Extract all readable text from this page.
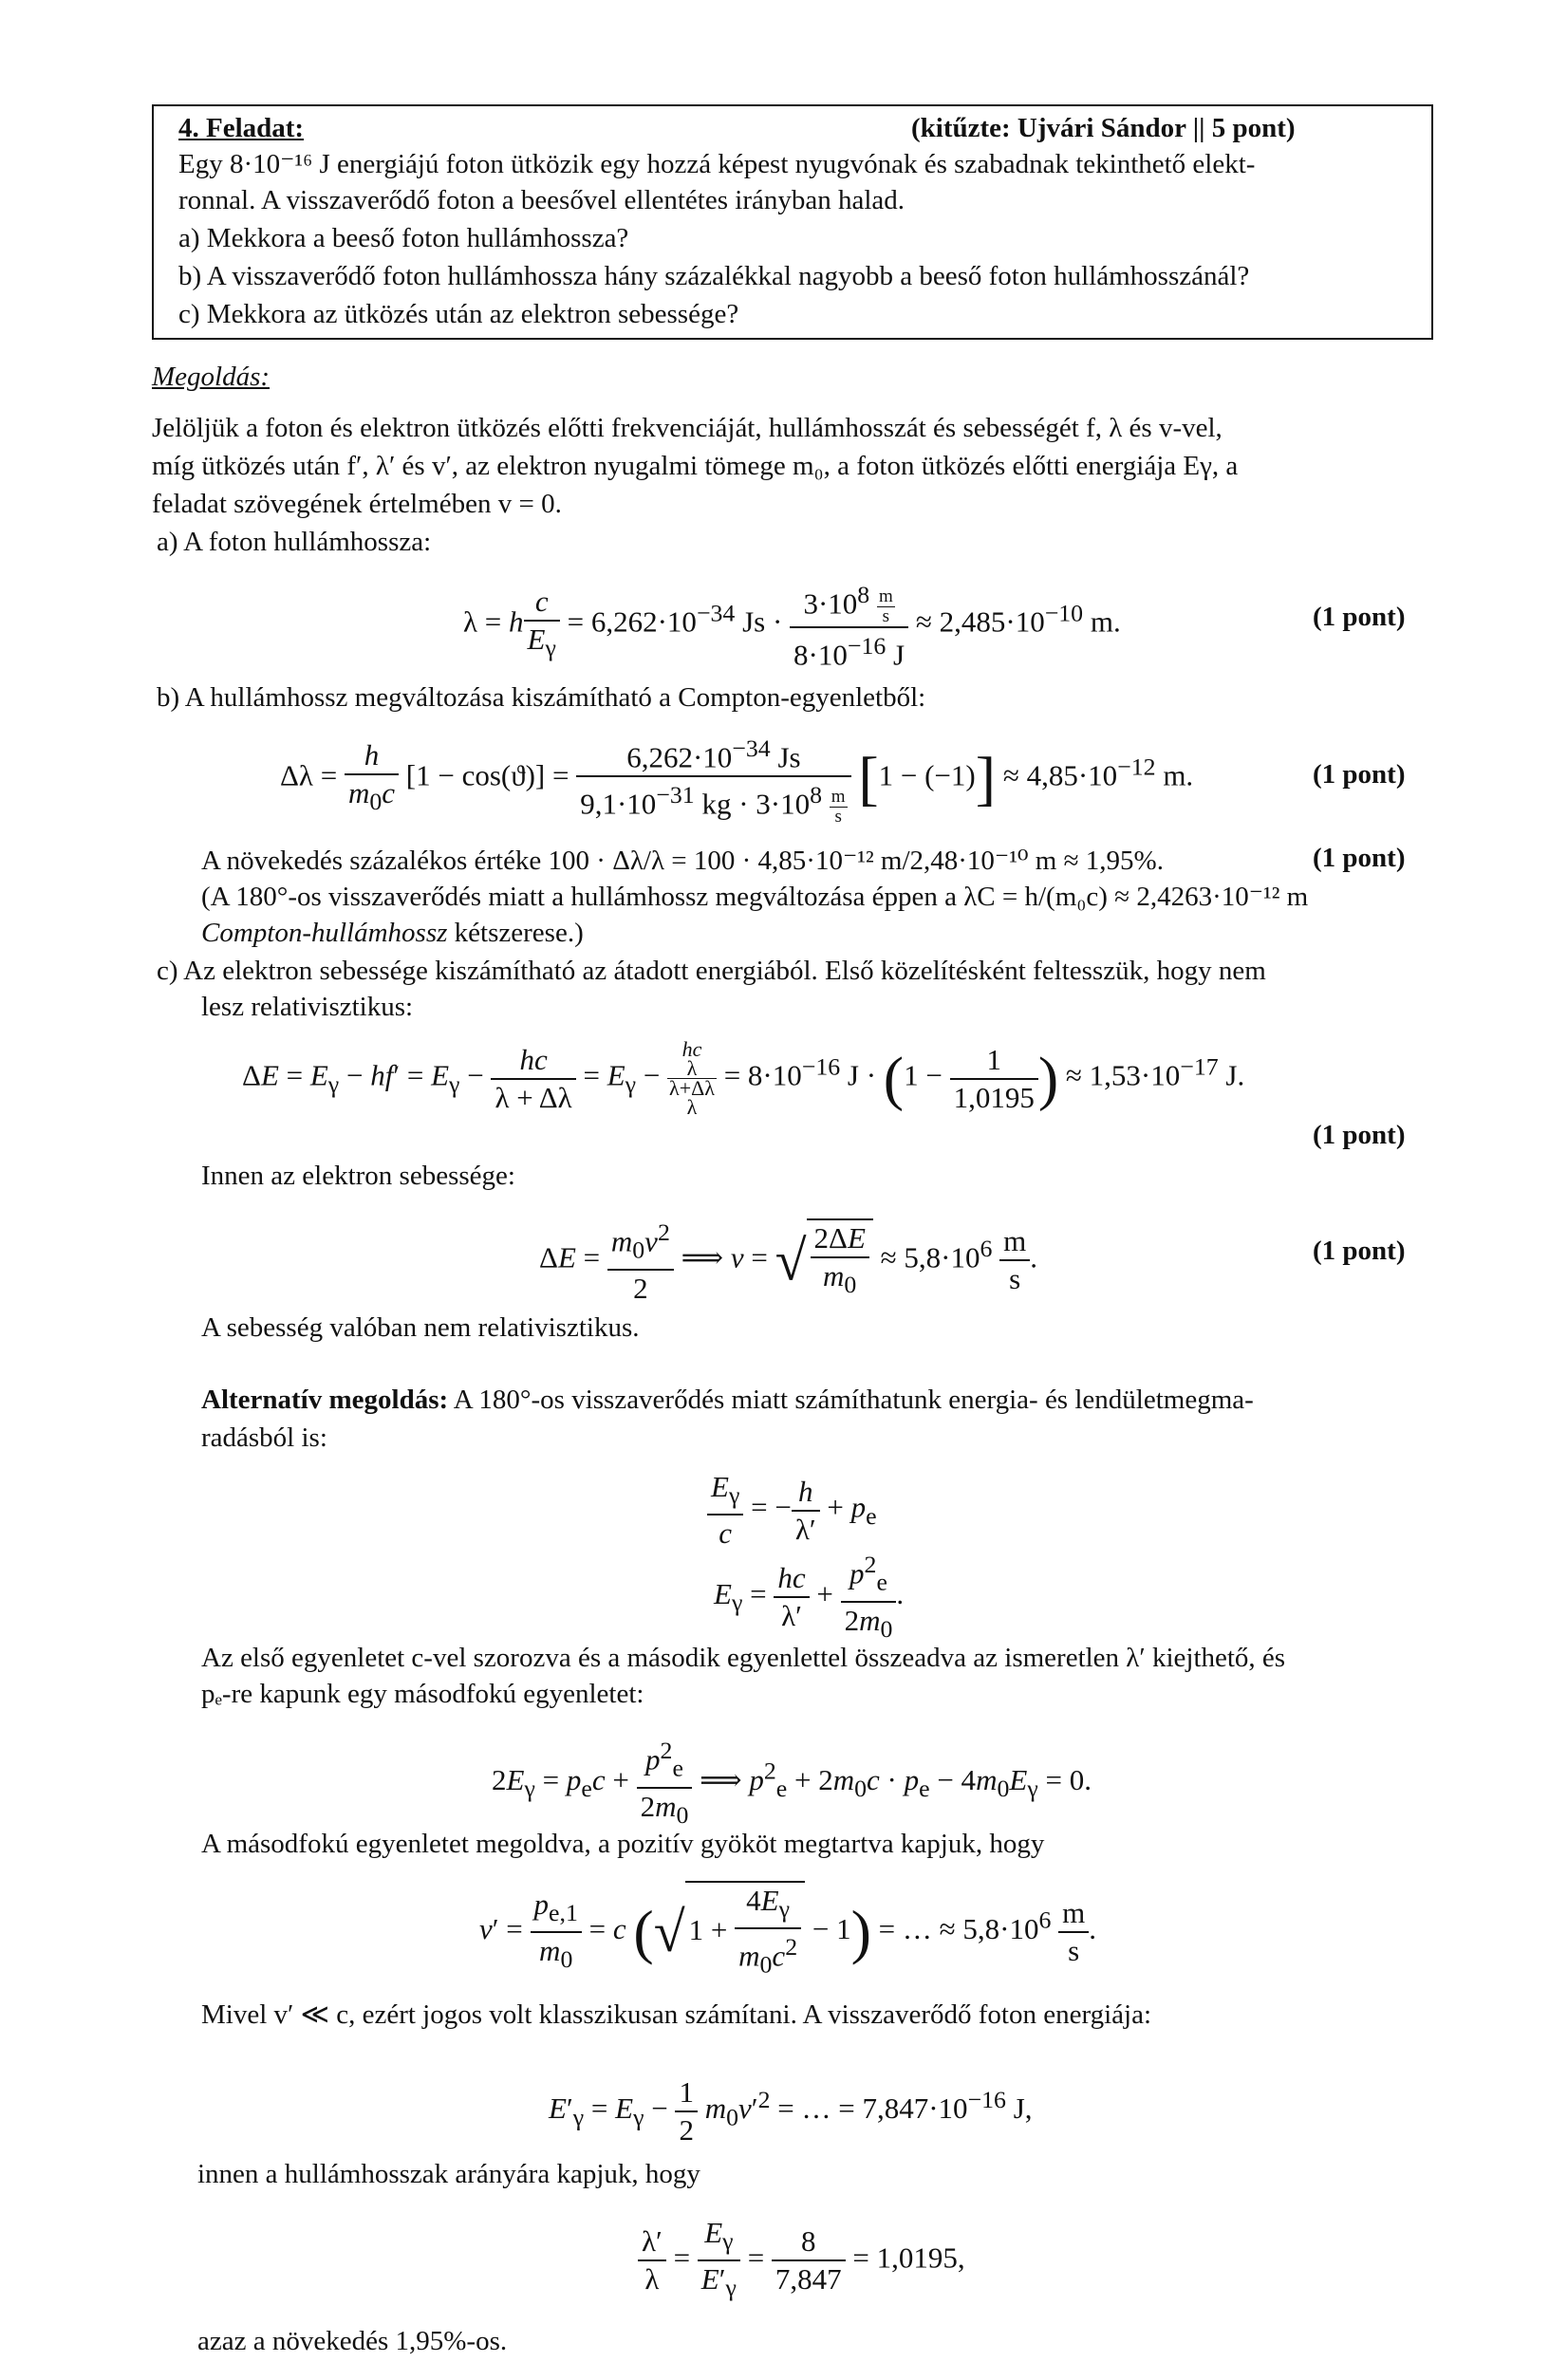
4. Feladat:	(kitűzte: Ujvári Sándor || 5 pont)
Egy 8·10⁻¹⁶ J energiájú foton ütközik egy hozzá képest nyugvónak és szabadnak tekinthető elekt-
ronnal. A visszaverődő foton a beesővel ellentétes irányban halad.
a) Mekkora a beeső foton hullámhossza?
b) A visszaverődő foton hullámhossza hány százalékkal nagyobb a beeső foton hullámhosszánál?
c) Mekkora az ütközés után az elektron sebessége?
Megoldás:
Jelöljük a foton és elektron ütközés előtti frekvenciáját, hullámhosszát és sebességét f, λ és v-vel,
míg ütközés után f′, λ′ és v′, az elektron nyugalmi tömege m₀, a foton ütközés előtti energiája Eγ, a
feladat szövegének értelmében v = 0.
a) A foton hullámhossza:
λ = h $\frac{c}{E_\gamma} = 6,262\cdot 10^{-34}$ $Js \cdot \frac{3\cdot 10^8 \frac{m}{s}}{8\cdot 10^{-16} J} \approx 2,485\cdot 10^{-10}$ m.	(1 pont)
b) A hullámhossz megváltozása kiszámítható a Compton-egyenletből:
$\Delta\lambda = \frac{h}{m_0c} [1 - \cos(ϑ)] = \frac{6,262\cdot 10^{-34} Js}{9,1\cdot 10^{-31} kg \cdot 3\cdot 10^8 \frac{m}{s}} [1 - (-1)] \approx 4,85\cdot 10^{-12}$ m.	(1 pont)
A növekedés százalékos értéke 100 · Δλ/λ = 100 · 4,85·10⁻¹² m/2,48·10⁻¹⁰ m ≈ 1,95%.	(1 pont)
(A 180°-os visszaverődés miatt a hullámhossz megváltozása éppen a λC = h/(m₀c) ≈ 2,4263·10⁻¹² m
Compton-hullámhossz kétszerese.)
c) Az elektron sebessége kiszámítható az átadott energiából. Első közelítésként feltesszük, hogy nem
lesz relativisztikus:
$\Delta E = E_\gamma - hf' = E_\gamma - \frac{hc}{\lambda + \Delta\lambda} = E_\gamma$ −
hc
λ
λ+Δλ
λ
= $8\cdot 10^{-16}$ $J \cdot (1 - \frac{1}{1,0195}$ ) ≈ $1,53\cdot 10^{-17}$ J.
(1 pont)
Innen az elektron sebessége:
$\Delta E = \frac{m_0v^2}{2}$ ⟹ v = √ $\frac{2\Delta E}{m_0} \approx 5,8\cdot 10^6 \frac{m}{s}$ .	(1 pont)
A sebesség valóban nem relativisztikus.
Alternatív megoldás: A 180°-os visszaverődés miatt számíthatunk energia- és lendületmegma-
radásból is:
$\frac{E_\gamma}{c}$ = − $\frac{h}{\lambda'} + p_e$
$E_\gamma = \frac{hc}{\lambda'} + \frac{p^2_e}{2m_0}$ .
Az első egyenletet c-vel szorozva és a második egyenlettel összeadva az ismeretlen λ′ kiejthető, és
pₑ-re kapunk egy másodfokú egyenletet:
$2E_\gamma = p_ec + \frac{p^2_e}{2m_0}$ ⟹ $p^2_e + 2m_0c \cdot p_e - 4m_0E_\gamma = 0$.
A másodfokú egyenletet megoldva, a pozitív gyököt megtartva kapjuk, hogy
$v' = \frac{p_{e,1}}{m_0} = c$ (√ $1 + \frac{4E_\gamma}{m_0c^2} - 1$) = … ≈ $5,8\cdot 10^6 \frac{m}{s}$ .
Mivel v′ ≪ c, ezért jogos volt klasszikusan számítani. A visszaverődő foton energiája:
$E'_\gamma = E_\gamma - \frac{1}{2} m_0v'^2$ = … = $7,847\cdot 10^{-16}$ J,
innen a hullámhosszak arányára kapjuk, hogy
$\frac{\lambda'}{\lambda} = \frac{E_\gamma}{E'_\gamma} = \frac{8}{7,847} = 1,0195$,
azaz a növekedés 1,95%-os.
